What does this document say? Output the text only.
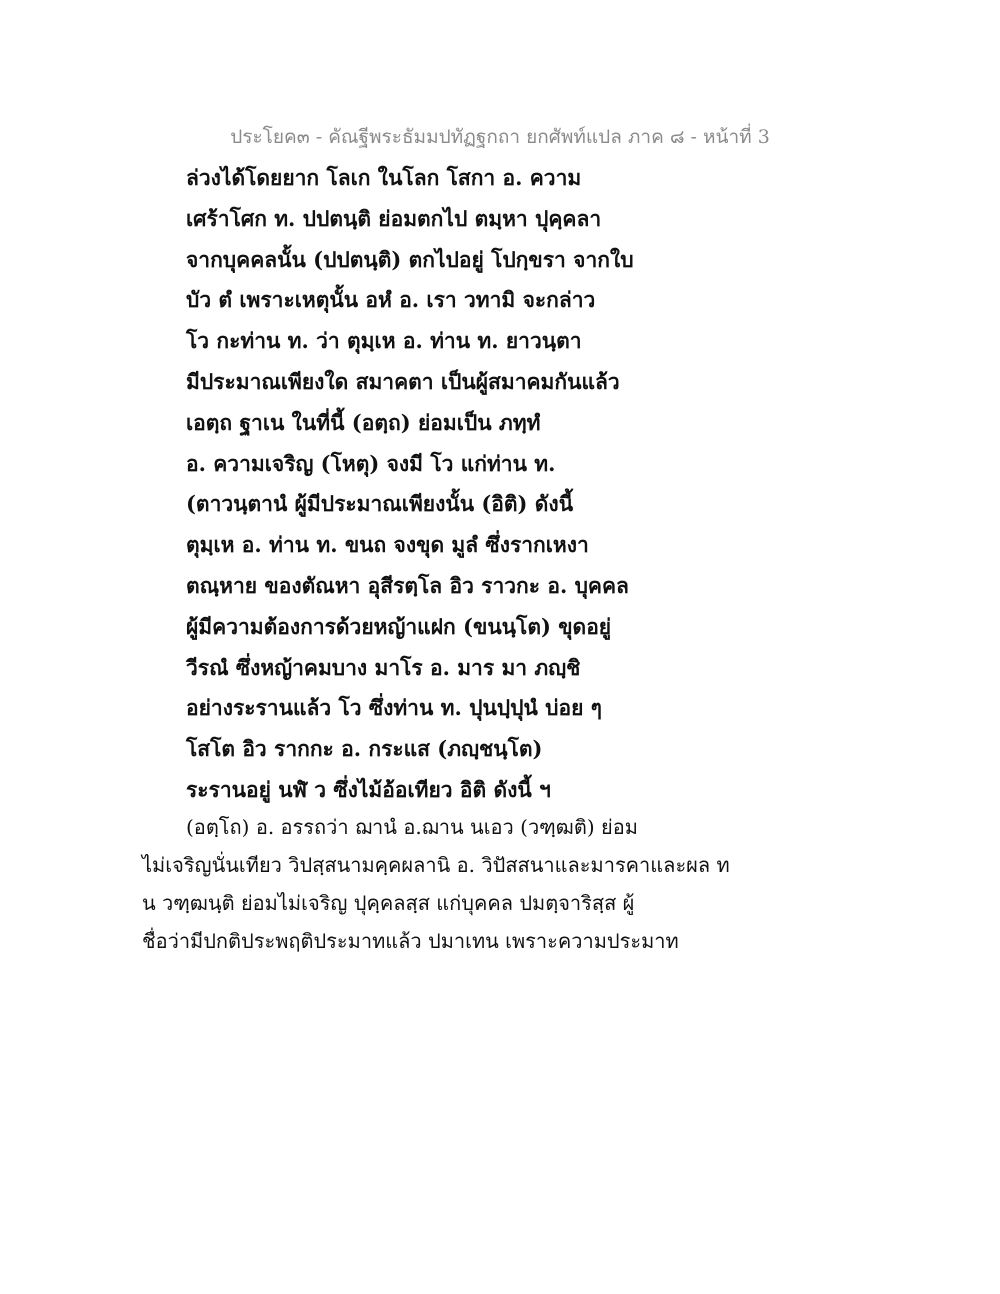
ประโยค๓ - คัณฐีพระธัมมปทัฏฐกถา ยกศัพท์แปล ภาค ๘ - หน้าที่ 3
ล่วงได้โดยยาก โลเก ในโลก โสกา อ. ความ
เศร้าโศก ท. ปปตนฺติ ย่อมตกไป ตมฺหา ปุคฺคลา
จากบุคคลนั้น (ปปตนฺติ) ตกไปอยู่ โปกฺขรา จากใบ
บัว ตํ เพราะเหตุนั้น อหํ อ. เรา วทามิ จะกล่าว
โว กะท่าน ท. ว่า ตุมฺเห อ. ท่าน ท. ยาวนฺตา
มีประมาณเพียงใด สมาคตา เป็นผู้สมาคมกันแล้ว
เอตฺถ ฐาเน ในที่นี้ (อตฺถ) ย่อมเป็น ภทฺทํ
อ. ความเจริญ (โหตุ) จงมี โว แก่ท่าน ท.
(ตาวนฺตานํ ผู้มีประมาณเพียงนั้น (อิติ) ดังนี้
ตุมฺเห อ. ท่าน ท. ขนถ จงขุด มูลํ ซึ่งรากเหงา
ตณฺหาย ของตัณหา อุสีรตฺโล อิว ราวกะ อ. บุคคล
ผู้มีความต้องการด้วยหญ้าแฝก (ขนนฺโต) ขุดอยู่
วีรณํ ซึ่งหญ้าคมบาง มาโร อ. มาร มา ภญฺชิ
อย่างระรานแล้ว โว ซึ่งท่าน ท. ปุนปฺปุนํ บ่อย ๆ
โสโต อิว รากกะ อ. กระแส (ภญฺชนฺโต)
ระรานอยู่ นฬํ ว ซึ่งไม้อ้อเทียว อิติ ดังนี้ ฯ
(อตฺโถ) อ. อรรถว่า ฌานํ อ.ฌาน นเอว (วฑฺฒติ) ย่อม
ไม่เจริญนั่นเทียว วิปสฺสนามคฺคผลานิ อ. วิปัสสนาและมารคาและผล ท
น วฑฺฒนฺติ ย่อมไม่เจริญ ปุคฺคลสฺส แก่บุคคล ปมตฺจาริสฺส ผู้
ชื่อว่ามีปกติประพฤติประมาทแล้ว ปมาเทน เพราะความประมาท
